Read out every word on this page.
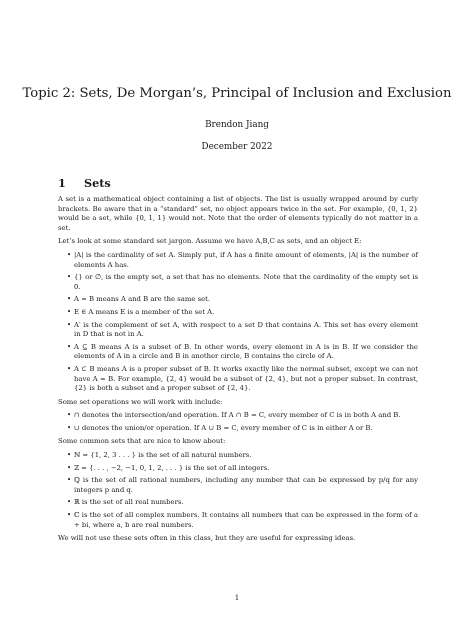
Topic 2: Sets, De Morgan’s, Principal of Inclusion and Exclusion
Brendon Jiang
December 2022
1 Sets

A set is a mathematical object containing a list of objects. The list is usually wrapped around by curly brackets. Be aware that in a “standard” set, no object appears twice in the set. For example, {0, 1, 2} would be a set, while {0, 1, 1} would not. Note that the order of elements typically do not matter in a set.

Let’s look at some standard set jargon. Assume we have A,B,C as sets, and an object E:

• |A| is the cardinality of set A. Simply put, if A has a finite amount of elements, |A| is the number of elements A has.
• {} or ∅, is the empty set, a set that has no elements. Note that the cardinality of the empty set is 0.
• A = B means A and B are the same set.
• E ∈ A means E is a member of the set A.
• A′ is the complement of set A, with respect to a set D that contains A. This set has every element in D that is not in A.
• A ⊆ B means A is a subset of B. In other words, every element in A is in B. If we consider the elements of A in a circle and B in another circle, B contains the circle of A.
• A ⊂ B means A is a proper subset of B. It works exactly like the normal subset, except we can not have A = B. For example, {2, 4} would be a subset of {2, 4}, but not a proper subset. In contrast, {2} is both a subset and a proper subset of {2, 4}.

Some set operations we will work with include:

• ∩ denotes the intersection/and operation. If A ∩ B = C, every member of C is in both A and B.
• ∪ denotes the union/or operation. If A ∪ B = C, every member of C is in either A or B.

Some common sets that are nice to know about:

• ℕ = {1, 2, 3 . . . } is the set of all natural numbers.
• ℤ = {. . . , −2, −1, 0, 1, 2, . . . } is the set of all integers.
• ℚ is the set of all rational numbers, including any number that can be expressed by p/q for any integers p and q.
• ℝ is the set of all real numbers.
• ℂ is the set of all complex numbers. It contains all numbers that can be expressed in the form of a + bi, where a, b are real numbers.

We will not use these sets often in this class, but they are useful for expressing ideas.

1
